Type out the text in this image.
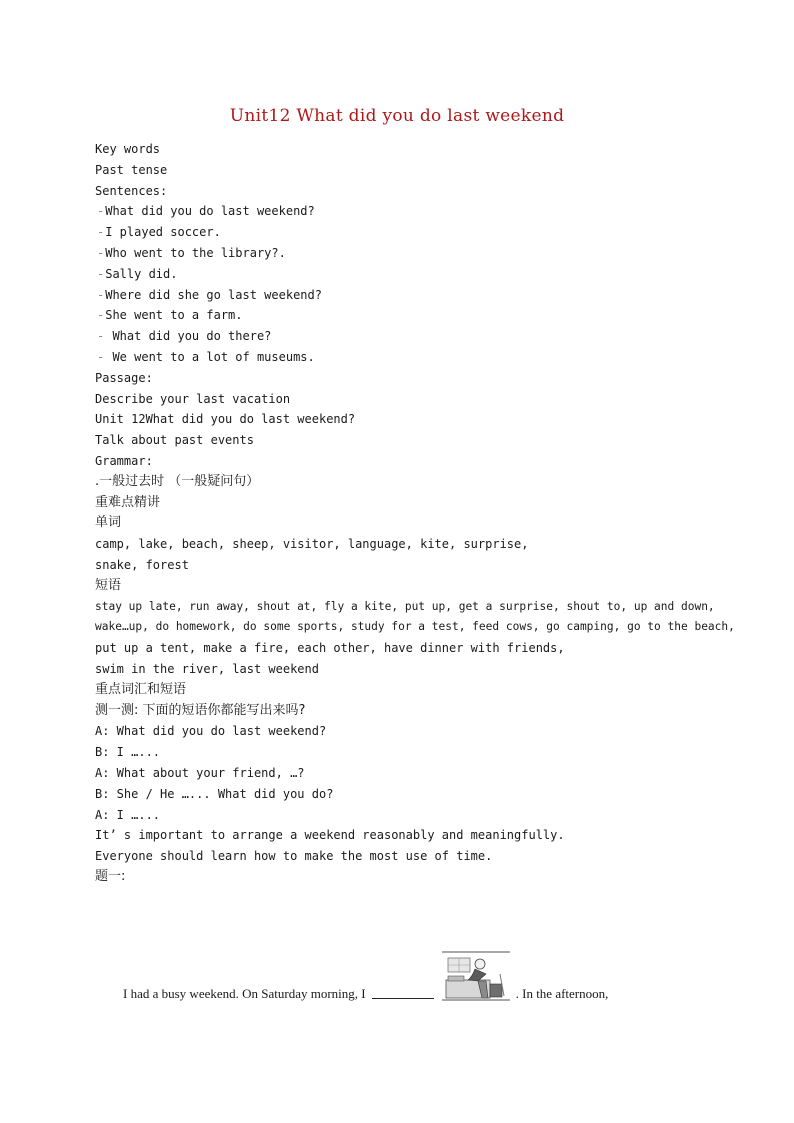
Unit12 What did you do last weekend
Key words
Past tense
Sentences:
-What did you do last weekend?
-I played soccer.
-Who went to the library?.
-Sally did.
-Where did she go last weekend?
-She went to a farm.
- What did you do there?
- We went to a lot of museums.
Passage:
Describe your last vacation
Unit 12What did you do last weekend?
Talk about past events
Grammar:
.一般过去时 （一般疑问句）
重难点精讲
单词
camp, lake, beach, sheep, visitor, language, kite, surprise,
snake, forest
短语
stay up late, run away, shout at, fly a kite, put up, get a surprise, shout to, up and down,
wake…up, do homework, do some sports, study for a test, feed cows, go camping, go to the beach,
put up a tent, make a fire, each other, have dinner with friends,
swim in the river, last weekend
重点词汇和短语
测一测: 下面的短语你都能写出来吗?
A: What did you do last weekend?
B: I …...
A: What about your friend, …?
B: She / He …... What did you do?
A: I …...
It’ s important to arrange a weekend reasonably and meaningfully.
Everyone should learn how to make the most use of time.
题一:
I had a busy weekend. On Saturday morning, I	. In the afternoon,
